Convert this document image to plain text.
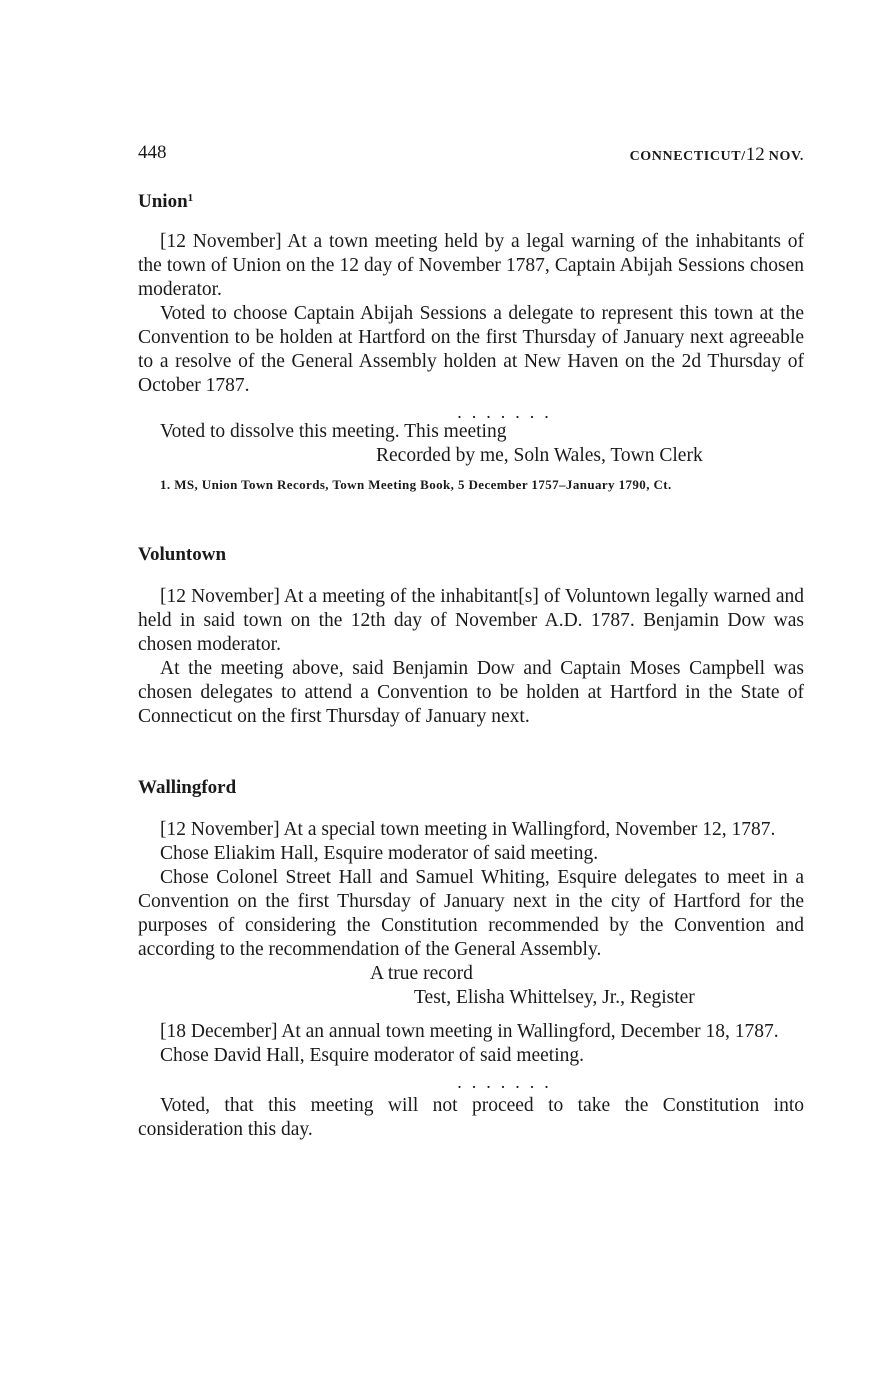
448	CONNECTICUT/12 NOV.
Union$^1$

[12 November] At a town meeting held by a legal warning of the inhabitants of the town of Union on the 12 day of November 1787, Captain Abijah Sessions chosen moderator.

Voted to choose Captain Abijah Sessions a delegate to represent this town at the Convention to be holden at Hartford on the first Thursday of January next agreeable to a resolve of the General Assembly holden at New Haven on the 2d Thursday of October 1787.

.......

Voted to dissolve this meeting. This meeting

Recorded by me, Soln Wales, Town Clerk
1. MS, Union Town Records, Town Meeting Book, 5 December 1757–January 1790, Ct.
Voluntown

[12 November] At a meeting of the inhabitant[s] of Voluntown legally warned and held in said town on the 12th day of November A.D. 1787. Benjamin Dow was chosen moderator.

At the meeting above, said Benjamin Dow and Captain Moses Campbell was chosen delegates to attend a Convention to be holden at Hartford in the State of Connecticut on the first Thursday of January next.

Wallingford

[12 November] At a special town meeting in Wallingford, November 12, 1787.

Chose Eliakim Hall, Esquire moderator of said meeting.

Chose Colonel Street Hall and Samuel Whiting, Esquire delegates to meet in a Convention on the first Thursday of January next in the city of Hartford for the purposes of considering the Constitution recommended by the Convention and according to the recommendation of the General Assembly.

A true record
Test, Elisha Whittelsey, Jr., Register

[18 December] At an annual town meeting in Wallingford, December 18, 1787.

Chose David Hall, Esquire moderator of said meeting.

.......

Voted, that this meeting will not proceed to take the Constitution into consideration this day.
